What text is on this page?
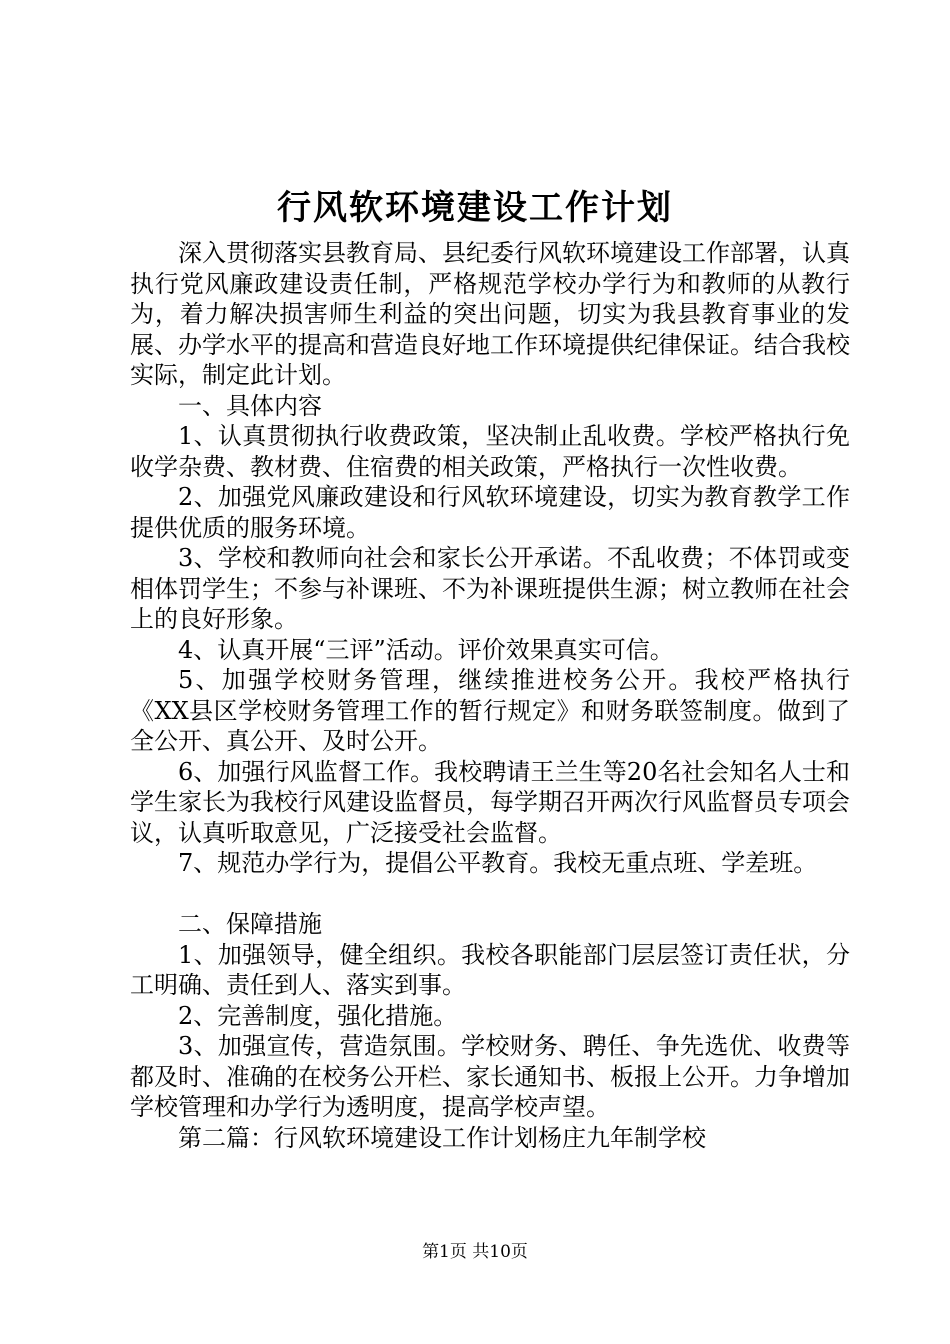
行风软环境建设工作计划

深入贯彻落实县教育局、县纪委行风软环境建设工作部署，认真执行党风廉政建设责任制，严格规范学校办学行为和教师的从教行为，着力解决损害师生利益的突出问题，切实为我县教育事业的发展、办学水平的提高和营造良好地工作环境提供纪律保证。结合我校实际，制定此计划。

一、具体内容

1、认真贯彻执行收费政策，坚决制止乱收费。学校严格执行免收学杂费、教材费、住宿费的相关政策，严格执行一次性收费。

2、加强党风廉政建设和行风软环境建设，切实为教育教学工作提供优质的服务环境。

3、学校和教师向社会和家长公开承诺。不乱收费；不体罚或变相体罚学生；不参与补课班、不为补课班提供生源；树立教师在社会上的良好形象。

4、认真开展“三评”活动。评价效果真实可信。

5、加强学校财务管理，继续推进校务公开。我校严格执行《XX县区学校财务管理工作的暂行规定》和财务联签制度。做到了全公开、真公开、及时公开。

6、加强行风监督工作。我校聘请王兰生等20名社会知名人士和学生家长为我校行风建设监督员，每学期召开两次行风监督员专项会议，认真听取意见，广泛接受社会监督。

7、规范办学行为，提倡公平教育。我校无重点班、学差班。

二、保障措施

1、加强领导，健全组织。我校各职能部门层层签订责任状，分工明确、责任到人、落实到事。

2、完善制度，强化措施。

3、加强宣传，营造氛围。学校财务、聘任、争先选优、收费等都及时、准确的在校务公开栏、家长通知书、板报上公开。力争增加学校管理和办学行为透明度，提高学校声望。

第二篇：行风软环境建设工作计划杨庄九年制学校

第1页 共10页
